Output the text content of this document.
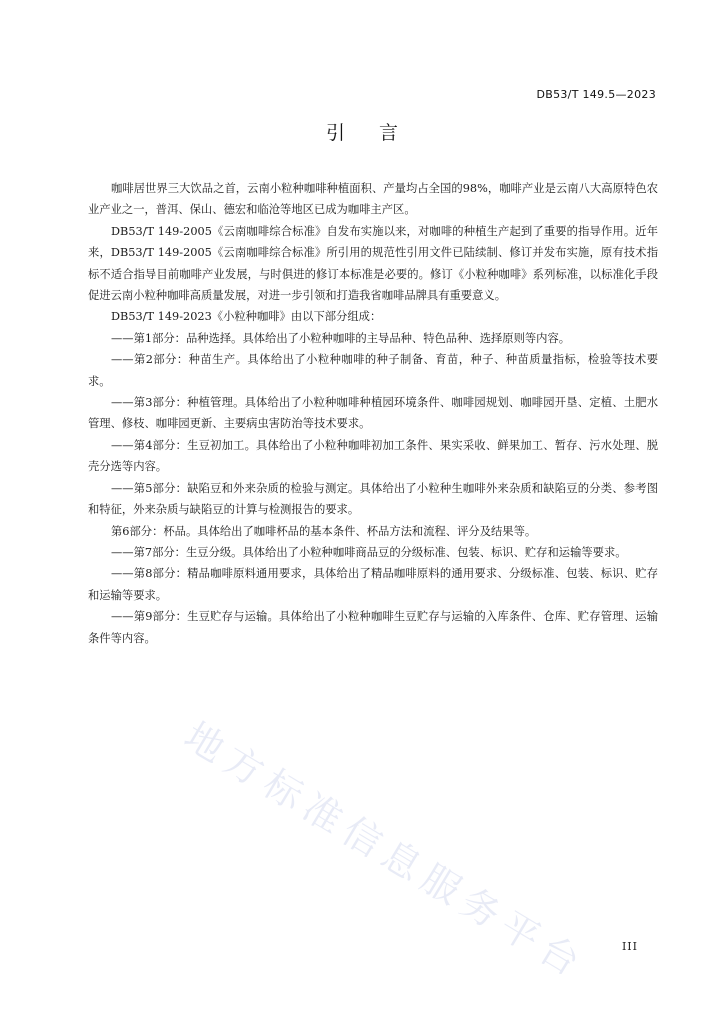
DB53/T 149.5—2023
引言

咖啡居世界三大饮品之首，云南小粒种咖啡种植面积、产量均占全国的98%，咖啡产业是云南八大高原特色农业产业之一，普洱、保山、德宏和临沧等地区已成为咖啡主产区。

DB53/T 149-2005《云南咖啡综合标准》自发布实施以来，对咖啡的种植生产起到了重要的指导作用。近年来，DB53/T 149-2005《云南咖啡综合标准》所引用的规范性引用文件已陆续制、修订并发布实施，原有技术指标不适合指导目前咖啡产业发展，与时俱进的修订本标准是必要的。修订《小粒种咖啡》系列标准，以标准化手段促进云南小粒种咖啡高质量发展，对进一步引领和打造我省咖啡品牌具有重要意义。

DB53/T 149-2023《小粒种咖啡》由以下部分组成：

——第1部分：品种选择。具体给出了小粒种咖啡的主导品种、特色品种、选择原则等内容。

——第2部分：种苗生产。具体给出了小粒种咖啡的种子制备、育苗，种子、种苗质量指标，检验等技术要求。

——第3部分：种植管理。具体给出了小粒种咖啡种植园环境条件、咖啡园规划、咖啡园开垦、定植、土肥水管理、修枝、咖啡园更新、主要病虫害防治等技术要求。

——第4部分：生豆初加工。具体给出了小粒种咖啡初加工条件、果实采收、鲜果加工、暂存、污水处理、脱壳分选等内容。

——第5部分：缺陷豆和外来杂质的检验与测定。具体给出了小粒种生咖啡外来杂质和缺陷豆的分类、参考图和特征，外来杂质与缺陷豆的计算与检测报告的要求。

第6部分：杯品。具体给出了咖啡杯品的基本条件、杯品方法和流程、评分及结果等。

——第7部分：生豆分级。具体给出了小粒种咖啡商品豆的分级标准、包装、标识、贮存和运输等要求。

——第8部分：精品咖啡原料通用要求，具体给出了精品咖啡原料的通用要求、分级标准、包装、标识、贮存和运输等要求。

——第9部分：生豆贮存与运输。具体给出了小粒种咖啡生豆贮存与运输的入库条件、仓库、贮存管理、运输条件等内容。

地方标准信息服务平台	III
